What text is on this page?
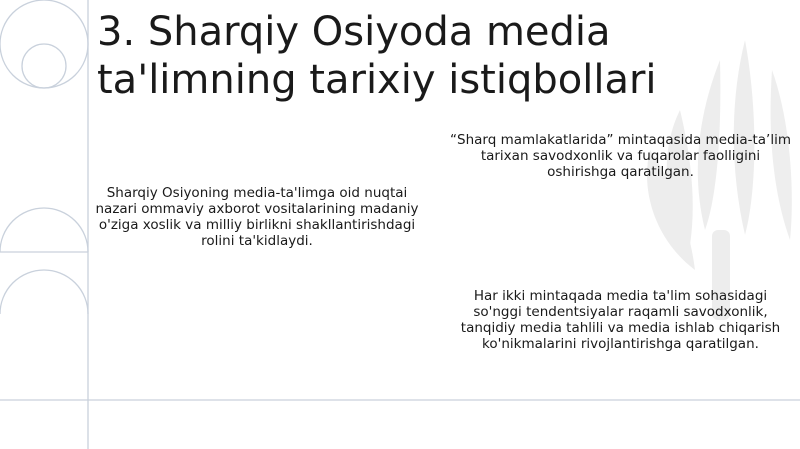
3. Sharqiy Osiyoda media ta'limning tarixiy istiqbollari

Sharqiy Osiyoning media-ta'limga oid nuqtai nazari ommaviy axborot vositalarining madaniy o'ziga xoslik va milliy birlikni shakllantirishdagi rolini ta'kidlaydi.

“Sharq mamlakatlarida” mintaqasida media-ta’lim tarixan savodxonlik va fuqarolar faolligini oshirishga qaratilgan.

Har ikki mintaqada media ta'lim sohasidagi so'nggi tendentsiyalar raqamli savodxonlik, tanqidiy media tahlili va media ishlab chiqarish ko'nikmalarini rivojlantirishga qaratilgan.
